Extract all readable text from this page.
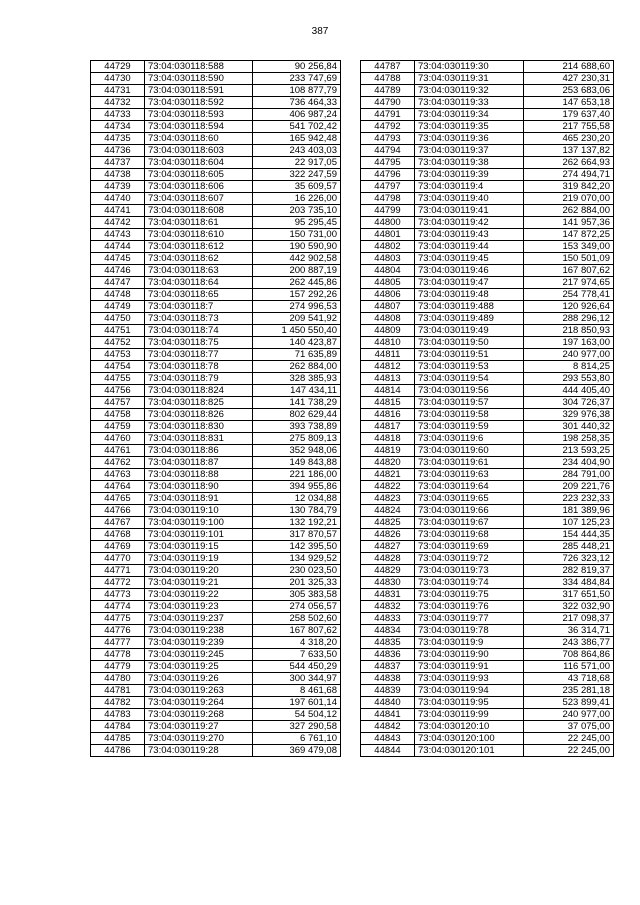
387
44729	73:04:030118:588	90 256,84
44730	73:04:030118:590	233 747,69
44731	73:04:030118:591	108 877,79
44732	73:04:030118:592	736 464,33
44733	73:04:030118:593	406 987,24
44734	73:04:030118:594	541 702,42
44735	73:04:030118:60	165 942,48
44736	73:04:030118:603	243 403,03
44737	73:04:030118:604	22 917,05
44738	73:04:030118:605	322 247,59
44739	73:04:030118:606	35 609,57
44740	73:04:030118:607	16 226,00
44741	73:04:030118:608	203 735,10
44742	73:04:030118:61	95 295,45
44743	73:04:030118:610	150 731,00
44744	73:04:030118:612	190 590,90
44745	73:04:030118:62	442 902,58
44746	73:04:030118:63	200 887,19
44747	73:04:030118:64	262 445,86
44748	73:04:030118:65	157 292,26
44749	73:04:030118:7	274 996,53
44750	73:04:030118:73	209 541,92
44751	73:04:030118:74	1 450 550,40
44752	73:04:030118:75	140 423,87
44753	73:04:030118:77	71 635,89
44754	73:04:030118:78	262 884,00
44755	73:04:030118:79	328 385,93
44756	73:04:030118:824	147 434,11
44757	73:04:030118:825	141 738,29
44758	73:04:030118:826	802 629,44
44759	73:04:030118:830	393 738,89
44760	73:04:030118:831	275 809,13
44761	73:04:030118:86	352 948,06
44762	73:04:030118:87	149 843,88
44763	73:04:030118:88	221 186,00
44764	73:04:030118:90	394 955,86
44765	73:04:030118:91	12 034,88
44766	73:04:030119:10	130 784,79
44767	73:04:030119:100	132 192,21
44768	73:04:030119:101	317 870,57
44769	73:04:030119:15	142 395,50
44770	73:04:030119:19	134 929,52
44771	73:04:030119:20	230 023,50
44772	73:04:030119:21	201 325,33
44773	73:04:030119:22	305 383,58
44774	73:04:030119:23	274 056,57
44775	73:04:030119:237	258 502,60
44776	73:04:030119:238	167 807,62
44777	73:04:030119:239	4 318,20
44778	73:04:030119:245	7 633,50
44779	73:04:030119:25	544 450,29
44780	73:04:030119:26	300 344,97
44781	73:04:030119:263	8 461,68
44782	73:04:030119:264	197 601,14
44783	73:04:030119:268	54 504,12
44784	73:04:030119:27	327 290,58
44785	73:04:030119:270	6 761,10
44786	73:04:030119:28	369 479,08
44787	73:04:030119:30	214 688,60
44788	73:04:030119:31	427 230,31
44789	73:04:030119:32	253 683,06
44790	73:04:030119:33	147 653,18
44791	73:04:030119:34	179 637,40
44792	73:04:030119:35	217 755,58
44793	73:04:030119:36	465 230,20
44794	73:04:030119:37	137 137,82
44795	73:04:030119:38	262 664,93
44796	73:04:030119:39	274 494,71
44797	73:04:030119:4	319 842,20
44798	73:04:030119:40	219 070,00
44799	73:04:030119:41	262 884,00
44800	73:04:030119:42	141 957,36
44801	73:04:030119:43	147 872,25
44802	73:04:030119:44	153 349,00
44803	73:04:030119:45	150 501,09
44804	73:04:030119:46	167 807,62
44805	73:04:030119:47	217 974,65
44806	73:04:030119:48	254 778,41
44807	73:04:030119:488	120 926,64
44808	73:04:030119:489	288 296,12
44809	73:04:030119:49	218 850,93
44810	73:04:030119:50	197 163,00
44811	73:04:030119:51	240 977,00
44812	73:04:030119:53	8 814,25
44813	73:04:030119:54	293 553,80
44814	73:04:030119:56	444 405,40
44815	73:04:030119:57	304 726,37
44816	73:04:030119:58	329 976,38
44817	73:04:030119:59	301 440,32
44818	73:04:030119:6	198 258,35
44819	73:04:030119:60	213 593,25
44820	73:04:030119:61	234 404,90
44821	73:04:030119:63	284 791,00
44822	73:04:030119:64	209 221,76
44823	73:04:030119:65	223 232,33
44824	73:04:030119:66	181 389,96
44825	73:04:030119:67	107 125,23
44826	73:04:030119:68	154 444,35
44827	73:04:030119:69	285 448,21
44828	73:04:030119:72	726 323,12
44829	73:04:030119:73	282 819,37
44830	73:04:030119:74	334 484,84
44831	73:04:030119:75	317 651,50
44832	73:04:030119:76	322 032,90
44833	73:04:030119:77	217 098,37
44834	73:04:030119:78	36 314,71
44835	73:04:030119:9	243 386,77
44836	73:04:030119:90	708 864,86
44837	73:04:030119:91	116 571,00
44838	73:04:030119:93	43 718,68
44839	73:04:030119:94	235 281,18
44840	73:04:030119:95	523 899,41
44841	73:04:030119:99	240 977,00
44842	73:04:030120:10	37 075,00
44843	73:04:030120:100	22 245,00
44844	73:04:030120:101	22 245,00
